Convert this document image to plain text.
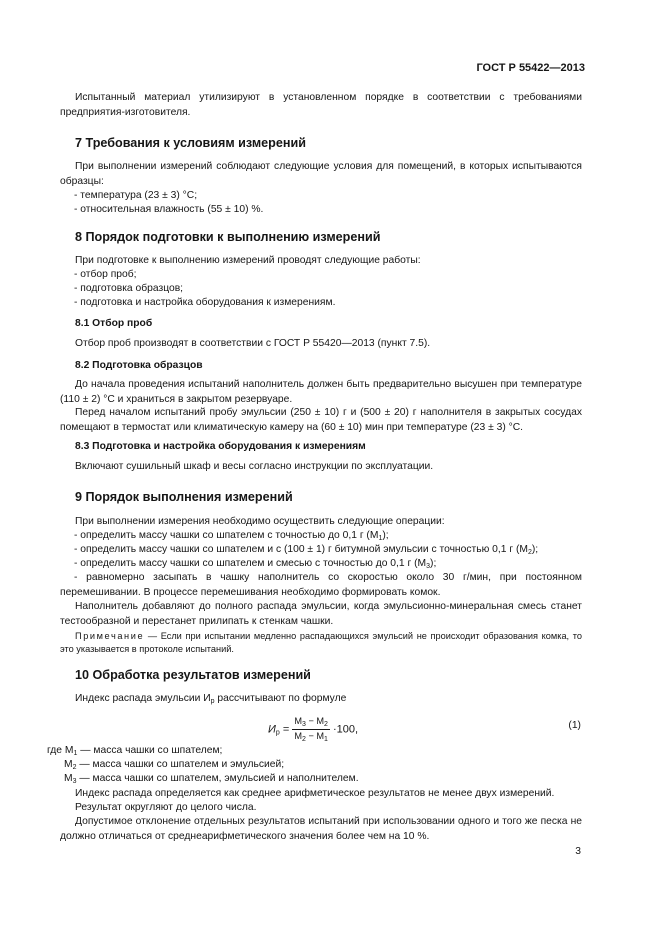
ГОСТ Р 55422—2013
Испытанный материал утилизируют в установленном порядке в соответствии с требованиями предприятия-изготовителя.
7 Требования к условиям измерений
При выполнении измерений соблюдают следующие условия для помещений, в которых испытываются образцы:
- температура (23 ± 3) °С;
- относительная влажность (55 ± 10) %.
8 Порядок подготовки к выполнению измерений
При подготовке к выполнению измерений проводят следующие работы:
- отбор проб;
- подготовка образцов;
- подготовка и настройка оборудования к измерениям.
8.1 Отбор проб
Отбор проб производят в соответствии с ГОСТ Р 55420—2013 (пункт 7.5).
8.2 Подготовка образцов
До начала проведения испытаний наполнитель должен быть предварительно высушен при температуре (110 ± 2) °С и храниться в закрытом резервуаре.
Перед началом испытаний пробу эмульсии (250 ± 10) г и (500 ± 20) г наполнителя в закрытых сосудах помещают в термостат или климатическую камеру на (60 ± 10) мин при температуре (23 ± 3) °С.
8.3 Подготовка и настройка оборудования к измерениям
Включают сушильный шкаф и весы согласно инструкции по эксплуатации.
9 Порядок выполнения измерений
При выполнении измерения необходимо осуществить следующие операции:
- определить массу чашки со шпателем с точностью до 0,1 г $(M_1)$;
- определить массу чашки со шпателем и с (100 ± 1) г битумной эмульсии с точностью 0,1 г $(M_2)$;
- определить массу чашки со шпателем и смесью с точностью до 0,1 г $(M_3)$;
- равномерно засыпать в чашку наполнитель со скоростью около 30 г/мин, при постоянном перемешивании. В процессе перемешивания необходимо формировать комок.
Наполнитель добавляют до полного распада эмульсии, когда эмульсионно-минеральная смесь станет тестообразной и перестанет прилипать к стенкам чашки.
Примечание — Если при испытании медленно распадающихся эмульсий не происходит образования комка, то это указывается в протоколе испытаний.
10 Обработка результатов измерений
Индекс распада эмульсии $И_р$ рассчитывают по формуле
$И_р = \frac{M_3 - M_2}{M_2 - M_1} \cdot 100$,	(1)
где $M_1$ — масса чашки со шпателем;
$M_2$ — масса чашки со шпателем и эмульсией;
$M_3$ — масса чашки со шпателем, эмульсией и наполнителем.
Индекс распада определяется как среднее арифметическое результатов не менее двух измерений.
Результат округляют до целого числа.
Допустимое отклонение отдельных результатов испытаний при использовании одного и того же песка не должно отличаться от среднеарифметического значения более чем на 10 %.
3
